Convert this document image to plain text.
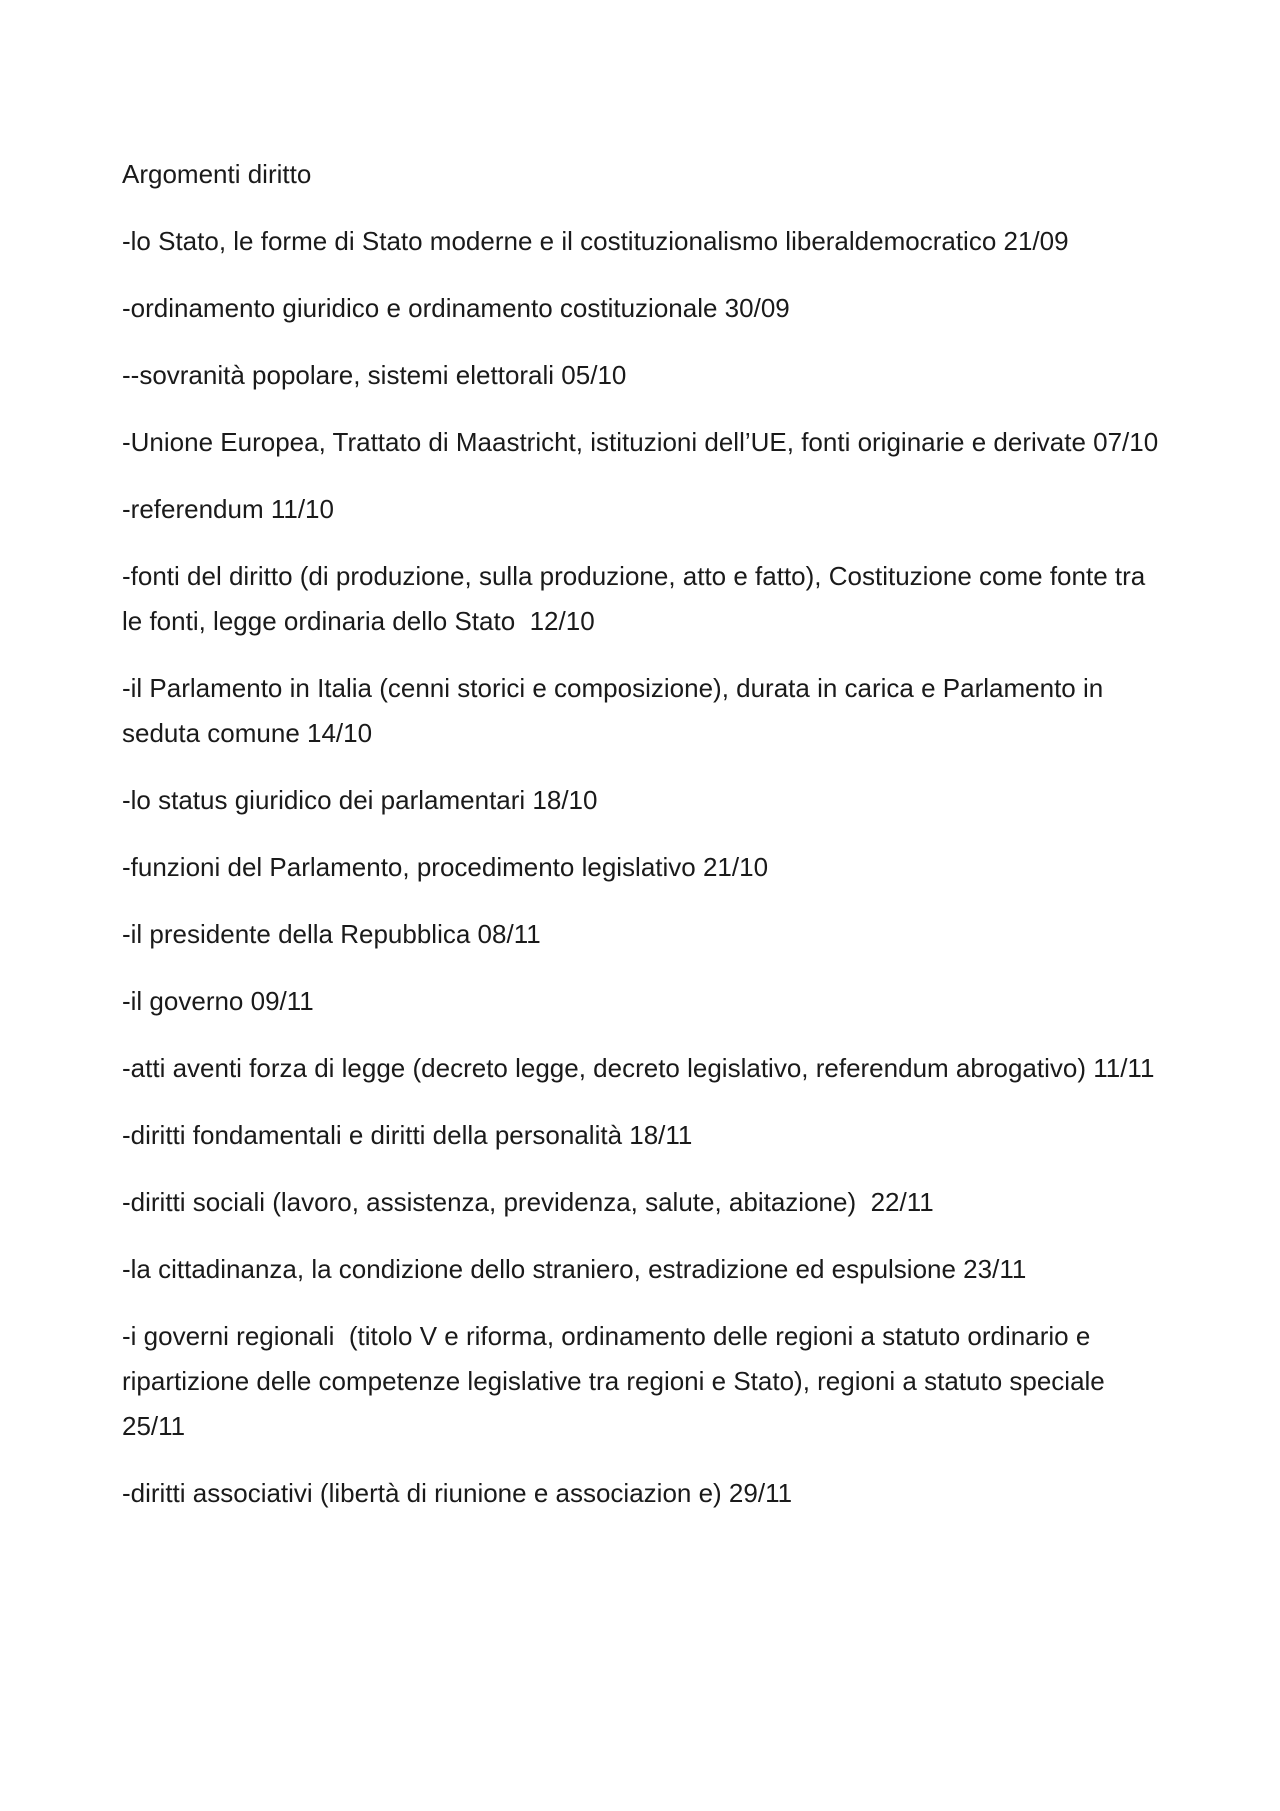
Argomenti diritto

-lo Stato, le forme di Stato moderne e il costituzionalismo liberaldemocratico 21/09

-ordinamento giuridico e ordinamento costituzionale 30/09

--sovranità popolare, sistemi elettorali 05/10

-Unione Europea, Trattato di Maastricht, istituzioni dell’UE, fonti originarie e derivate 07/10

-referendum 11/10

-fonti del diritto (di produzione, sulla produzione, atto e fatto), Costituzione come fonte tra le fonti, legge ordinaria dello Stato  12/10

-il Parlamento in Italia (cenni storici e composizione), durata in carica e Parlamento in seduta comune 14/10

-lo status giuridico dei parlamentari 18/10

-funzioni del Parlamento, procedimento legislativo 21/10

-il presidente della Repubblica 08/11

-il governo 09/11

-atti aventi forza di legge (decreto legge, decreto legislativo, referendum abrogativo) 11/11

-diritti fondamentali e diritti della personalità 18/11

-diritti sociali (lavoro, assistenza, previdenza, salute, abitazione)  22/11

-la cittadinanza, la condizione dello straniero, estradizione ed espulsione 23/11

-i governi regionali  (titolo V e riforma, ordinamento delle regioni a statuto ordinario e ripartizione delle competenze legislative tra regioni e Stato), regioni a statuto speciale   25/11

-diritti associativi (libertà di riunione e associazion e) 29/11
